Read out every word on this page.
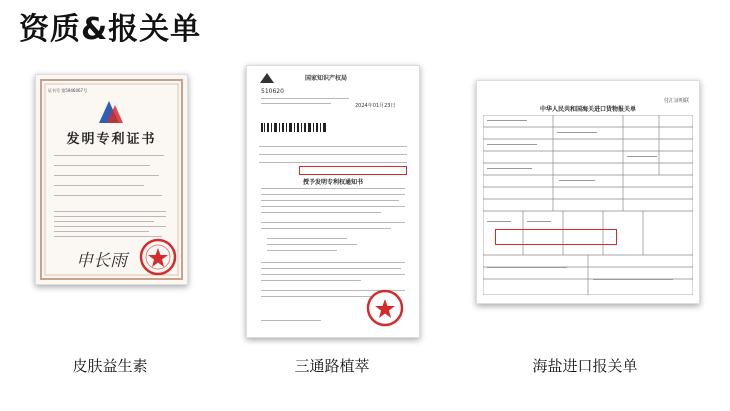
资质&报关单
证书号 第5946067号
发明专利证书
申长雨
皮肤益生素
国家知识产权局
510620
2024年01月23日
授予发明专利权通知书
三通路植萃
付汇证明联
中华人民共和国海关进口货物报关单
海盐进口报关单
